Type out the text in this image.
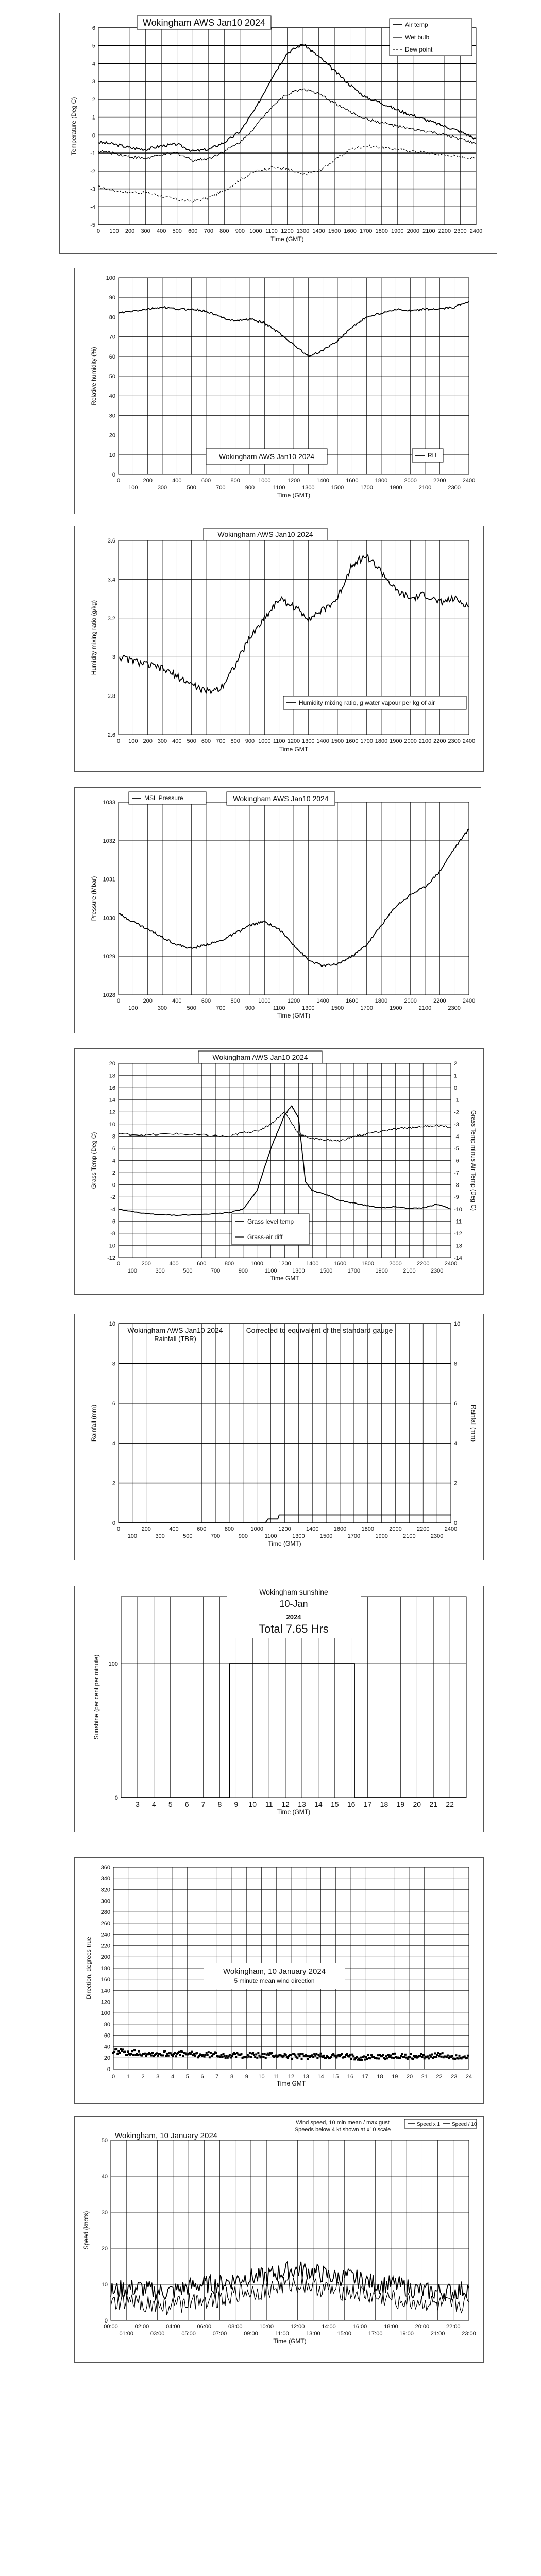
-5
-4
-3
-2
-1
0
1
2
3
4
5
6
0 100 200 300 400 500 600 700 800 900 1000 1100 1200 1300 1400 1500 1600 1700 1800 1900 2000 2100 2200 2300 2400
Time (GMT)
Temperature (Deg C)
Wokingham AWS Jan10 2024	Air temp
Wet bulb
Dew point
0
10
20
30
40
50
60
70
80
90
100
0	200	400	600	800	1000	1200	1400	1600	1800	2000	2200	2400
100	300	500	700	900	1100	1300	1500	1700	1900	2100	2300
Time (GMT)
Relative humidity (%)
Wokingham AWS Jan10 2024	RH
2.6
2.8
3
3.2
3.4
3.6
0 100 200 300 400 500 600 700 800 900 1000 1100 1200 1300 1400 1500 1600 1700 1800 1900 2000 2100 2200 2300 2400
Time GMT
Humidity mixing ratio (g/kg)
Wokingham AWS Jan10 2024
Humidity mixing ratio, g water vapour per kg of air
1028
1029
1030
1031
1032
1033
0	200	400	600	800	1000	1200	1400	1600	1800	2000	2200	2400
100	300	500	700	900	1100	1300	1500	1700	1900	2100	2300
Time (GMT)
Pressure (Mbar)
Wokingham AWS Jan10 2024
MSL Pressure
-12
-10
-8
-6
-4
-2
0
2
4
6
8
10
12
14
16
18
20
-14
-13
-12
-11
-10
-9
-8
-7
-6
-5
-4
-3
-2
-1
0
1
2
0	200	400	600	800	1000	1200	1400	1600	1800	2000	2200	2400
100	300	500	700	900	1100	1300	1500	1700	1900	2100	2300
Time GMT
Grass Temp (Deg C)	Grass Temp minus Air Temp (Deg C)
Wokingham AWS Jan10 2024
Grass level temp
Grass-air diff
0
2
4
6
8
10
0
2
4
6
8
10
0	200	400	600	800	1000	1200	1400	1600	1800	2000	2200	2400
100	300	500	700	900	1100	1300	1500	1700	1900	2100	2300
Time (GMT)
Rainfall (mm)	Rainfall (mm)
Wokingham AWS Jan10 2024
Rainfall (TBR)
Corrected to equivalent of the standard gauge
0
100
3 4 5 6 7 8 9 10 11 12 13 14 15 16 17 18 19 20 21 22
Time (GMT)
Sunshine (per cent per minute)
Wokingham sunshine
10-Jan
2024
Total 7.65 Hrs
0
20
40
60
80
100
120
140
160
180
200
220
240
260
280
300
320
340
360
0 1 2 3 4 5 6 7 8 9 10 11 12 13 14 15 16 17 18 19 20 21 22 23 24
Time GMT
Direction, degrees true	Wokingham, 10 January 2024
5 minute mean wind direction
0
10
20
30
40
50
00:00	02:00	04:00	06:00	08:00	10:00	12:00	14:00	16:00	18:00	20:00	22:00
01:00	03:00	05:00	07:00	09:00	11:00	13:00	15:00	17:00	19:00	21:00	23:00
Time (GMT)
Speed (knots)
Wokingham, 10 January 2024
Wind speed, 10 min mean / max gust
Speeds below 4 kt shown at x10 scale
Speed x 1 Speed / 10
